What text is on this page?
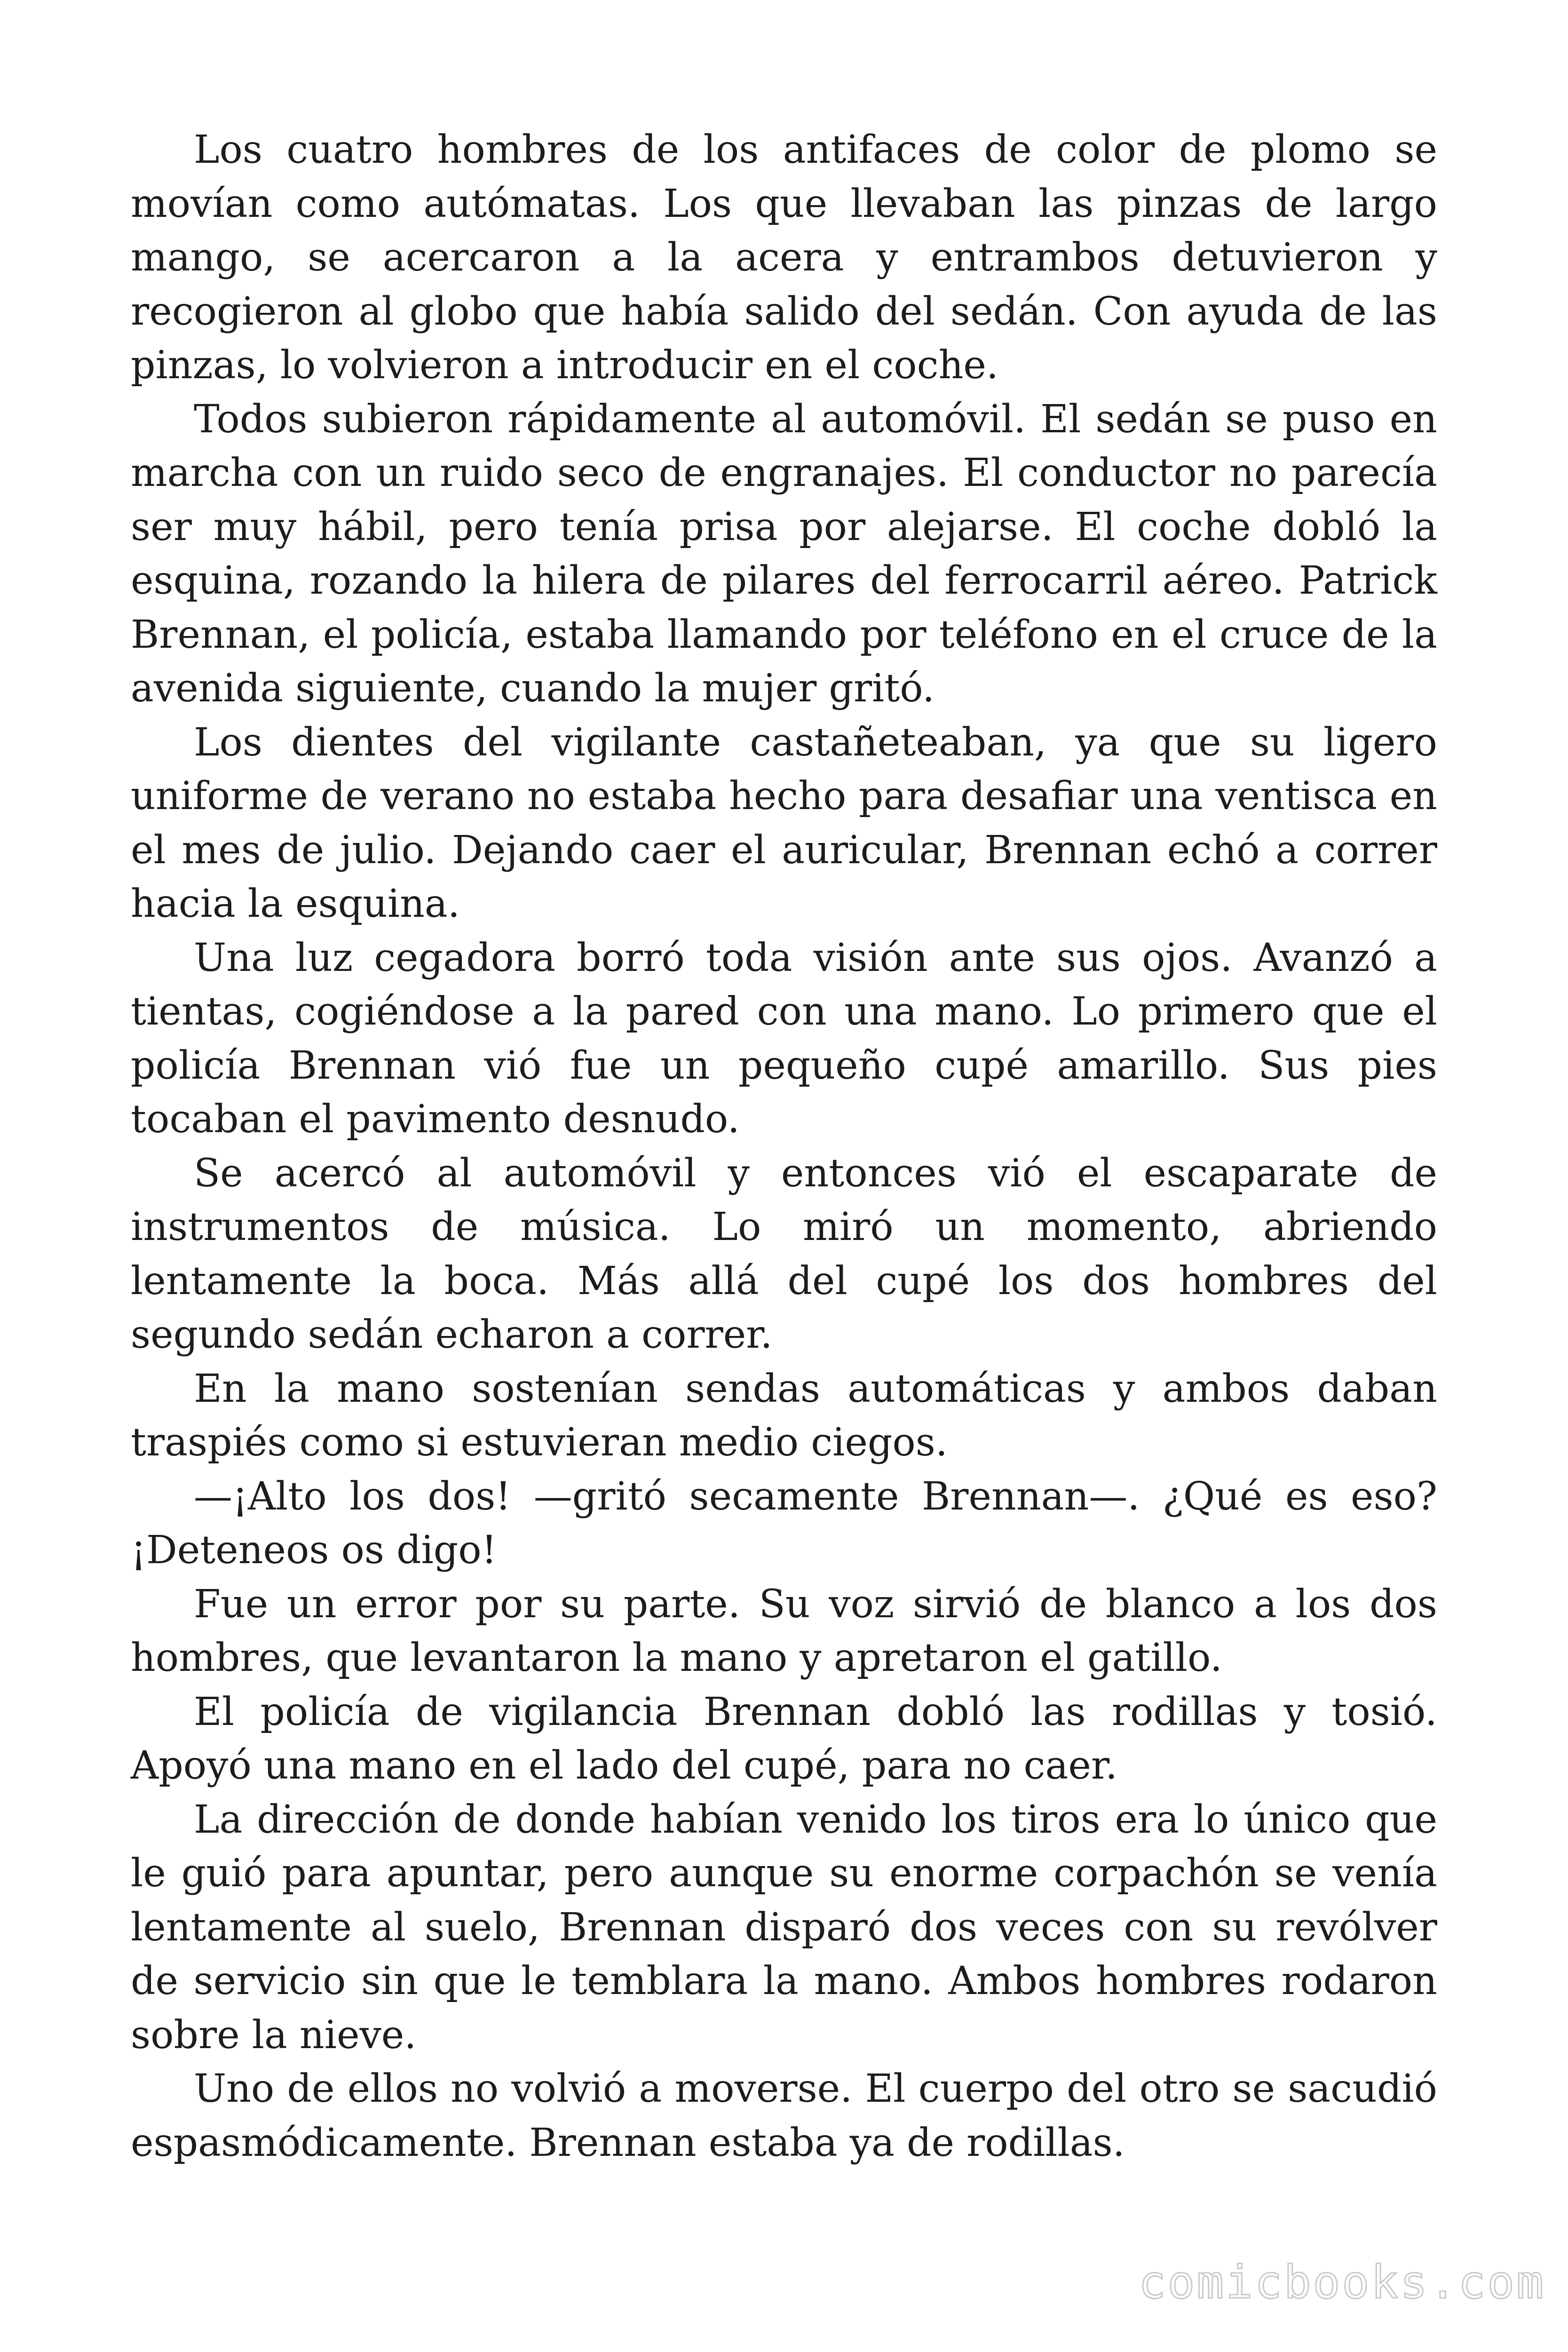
Los cuatro hombres de los antifaces de color de plomo se movían como autómatas. Los que llevaban las pinzas de largo mango, se acercaron a la acera y entrambos detuvieron y recogieron al globo que había salido del sedán. Con ayuda de las pinzas, lo volvieron a introducir en el coche.

Todos subieron rápidamente al automóvil. El sedán se puso en marcha con un ruido seco de engranajes. El conductor no parecía ser muy hábil, pero tenía prisa por alejarse. El coche dobló la esquina, rozando la hilera de pilares del ferrocarril aéreo. Patrick Brennan, el policía, estaba llamando por teléfono en el cruce de la avenida siguiente, cuando la mujer gritó.

Los dientes del vigilante castañeteaban, ya que su ligero uniforme de verano no estaba hecho para desafiar una ventisca en el mes de julio. Dejando caer el auricular, Brennan echó a correr hacia la esquina.

Una luz cegadora borró toda visión ante sus ojos. Avanzó a tientas, cogiéndose a la pared con una mano. Lo primero que el policía Brennan vió fue un pequeño cupé amarillo. Sus pies tocaban el pavimento desnudo.

Se acercó al automóvil y entonces vió el escaparate de instrumentos de música. Lo miró un momento, abriendo lentamente la boca. Más allá del cupé los dos hombres del segundo sedán echaron a correr.

En la mano sostenían sendas automáticas y ambos daban traspiés como si estuvieran medio ciegos.

—¡Alto los dos! —gritó secamente Brennan—. ¿Qué es eso? ¡Deteneos os digo!

Fue un error por su parte. Su voz sirvió de blanco a los dos hombres, que levantaron la mano y apretaron el gatillo.

El policía de vigilancia Brennan dobló las rodillas y tosió. Apoyó una mano en el lado del cupé, para no caer.

La dirección de donde habían venido los tiros era lo único que le guió para apuntar, pero aunque su enorme corpachón se venía lentamente al suelo, Brennan disparó dos veces con su revólver de servicio sin que le temblara la mano. Ambos hombres rodaron sobre la nieve.

Uno de ellos no volvió a moverse. El cuerpo del otro se sacudió espasmódicamente. Brennan estaba ya de rodillas.

comicbooks.com
